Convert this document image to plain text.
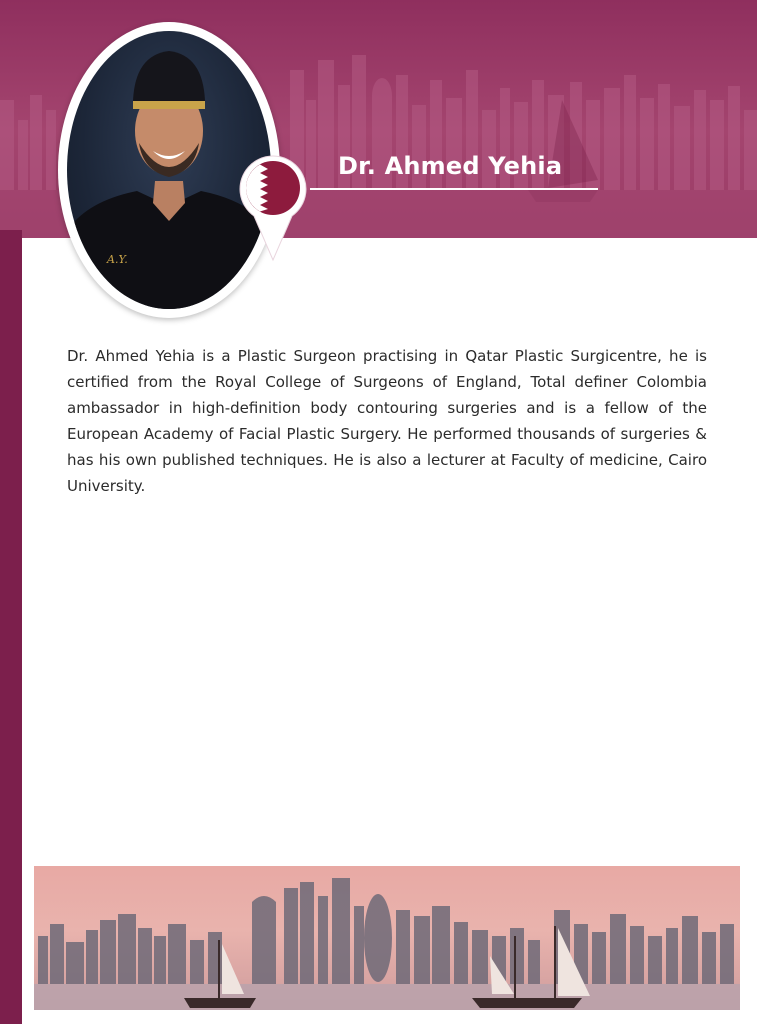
A.Y.
Dr. Ahmed Yehia

Dr. Ahmed Yehia is a Plastic Surgeon practising in Qatar Plastic Surgicentre, he is certified from the Royal College of Surgeons of England, Total definer Colombia ambassador in high-definition body contouring surgeries and is a fellow of the European Academy of Facial Plastic Surgery. He performed thousands of surgeries & has his own published techniques. He is also a lecturer at Faculty of medicine, Cairo University.
